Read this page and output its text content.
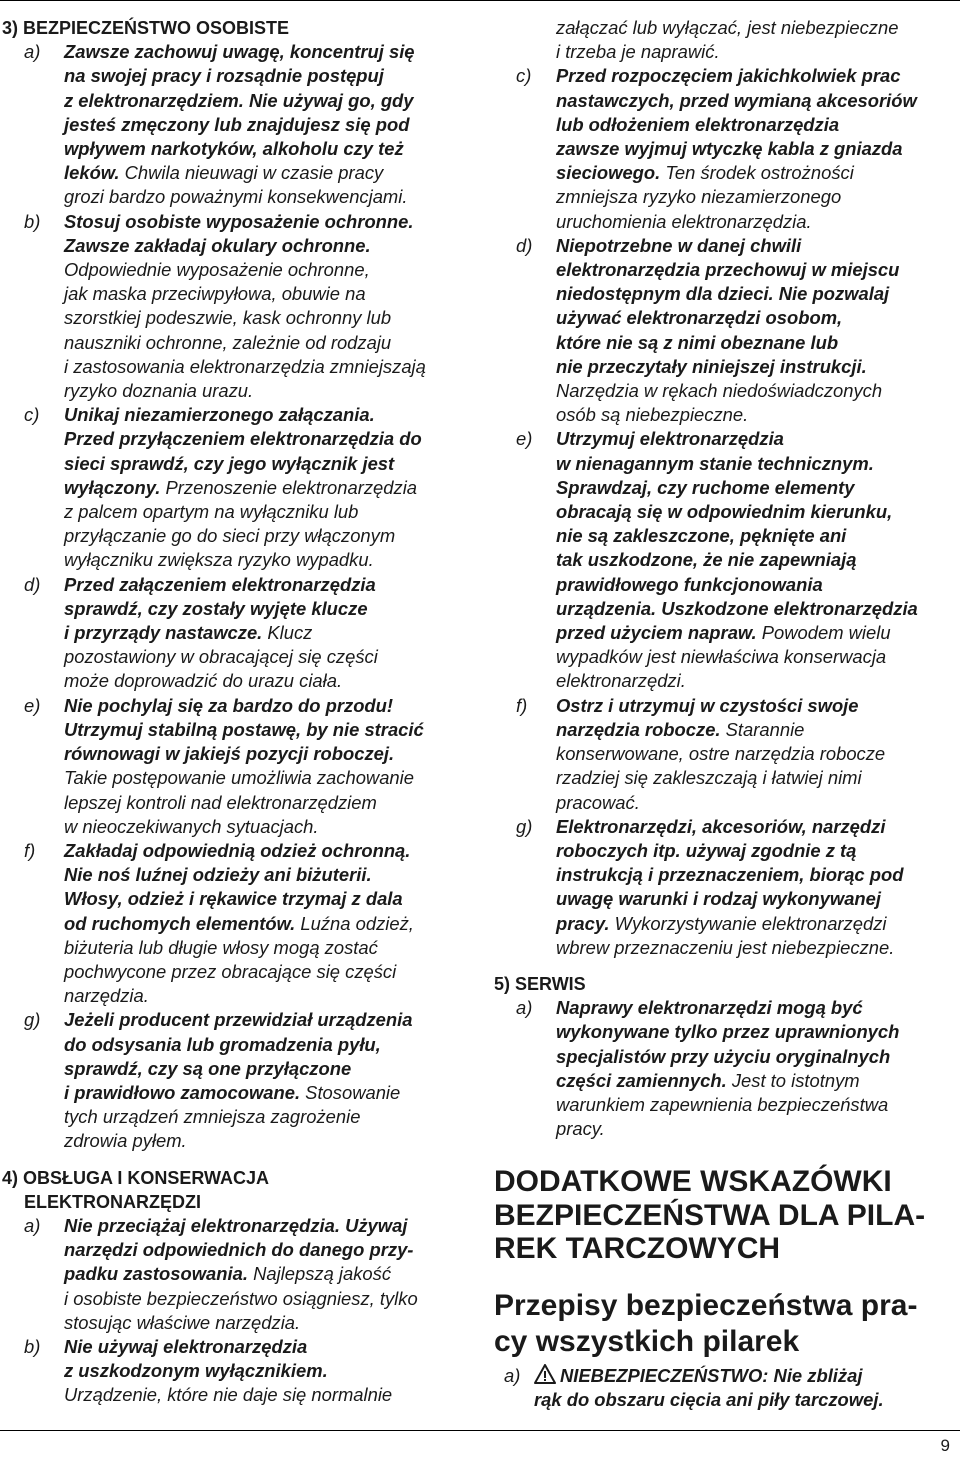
3) BEZPIECZEŃSTWO OSOBISTE

a) Zawsze zachowuj uwagę, koncentruj się
na swojej pracy i rozsądnie postępuj
z elektronarzędziem. Nie używaj go, gdy
jesteś zmęczony lub znajdujesz się pod
wpływem narkotyków, alkoholu czy też
leków. Chwila nieuwagi w czasie pracy
grozi bardzo poważnymi konsekwencjami.
b) Stosuj osobiste wyposażenie ochronne.
Zawsze zakładaj okulary ochronne.
Odpowiednie wyposażenie ochronne,
jak maska przeciwpyłowa, obuwie na
szorstkiej podeszwie, kask ochronny lub
nauszniki ochronne, zależnie od rodzaju
i zastosowania elektronarzędzia zmniejszają
ryzyko doznania urazu.
c) Unikaj niezamierzonego załączania.
Przed przyłączeniem elektronarzędzia do
sieci sprawdź, czy jego wyłącznik jest
wyłączony. Przenoszenie elektronarzędzia
z palcem opartym na wyłączniku lub
przyłączanie go do sieci przy włączonym
wyłączniku zwiększa ryzyko wypadku.
d) Przed załączeniem elektronarzędzia
sprawdź, czy zostały wyjęte klucze
i przyrządy nastawcze. Klucz
pozostawiony w obracającej się części
może doprowadzić do urazu ciała.
e) Nie pochylaj się za bardzo do przodu!
Utrzymuj stabilną postawę, by nie stracić
równowagi w jakiejś pozycji roboczej.
Takie postępowanie umożliwia zachowanie
lepszej kontroli nad elektronarzędziem
w nieoczekiwanych sytuacjach.
f) Zakładaj odpowiednią odzież ochronną.
Nie noś luźnej odzieży ani biżuterii.
Włosy, odzież i rękawice trzymaj z dala
od ruchomych elementów. Luźna odzież,
biżuteria lub długie włosy mogą zostać
pochwycone przez obracające się części
narzędzia.
g) Jeżeli producent przewidział urządzenia
do odsysania lub gromadzenia pyłu,
sprawdź, czy są one przyłączone
i prawidłowo zamocowane. Stosowanie
tych urządzeń zmniejsza zagrożenie
zdrowia pyłem.

4) OBSŁUGA I KONSERWACJA
ELEKTRONARZĘDZI

a) Nie przeciążaj elektronarzędzia. Używaj
narzędzi odpowiednich do danego przy-
padku zastosowania. Najlepszą jakość
i osobiste bezpieczeństwo osiągniesz, tylko
stosując właściwe narzędzia.
b) Nie używaj elektronarzędzia
z uszkodzonym wyłącznikiem.
Urządzenie, które nie daje się normalnie
załączać lub wyłączać, jest niebezpieczne
i trzeba je naprawić.
c) Przed rozpoczęciem jakichkolwiek prac
nastawczych, przed wymianą akcesoriów
lub odłożeniem elektronarzędzia
zawsze wyjmuj wtyczkę kabla z gniazda
sieciowego. Ten środek ostrożności
zmniejsza ryzyko niezamierzonego
uruchomienia elektronarzędzia.
d) Niepotrzebne w danej chwili
elektronarzędzia przechowuj w miejscu
niedostępnym dla dzieci. Nie pozwalaj
używać elektronarzędzi osobom,
które nie są z nimi obeznane lub
nie przeczytały niniejszej instrukcji.
Narzędzia w rękach niedoświadczonych
osób są niebezpieczne.
e) Utrzymuj elektronarzędzia
w nienagannym stanie technicznym.
Sprawdzaj, czy ruchome elementy
obracają się w odpowiednim kierunku,
nie są zakleszczone, pęknięte ani
tak uszkodzone, że nie zapewniają
prawidłowego funkcjonowania
urządzenia. Uszkodzone elektronarzędzia
przed użyciem napraw. Powodem wielu
wypadków jest niewłaściwa konserwacja
elektronarzędzi.
f) Ostrz i utrzymuj w czystości swoje
narzędzia robocze. Starannie
konserwowane, ostre narzędzia robocze
rzadziej się zakleszczają i łatwiej nimi
pracować.
g) Elektronarzędzi, akcesoriów, narzędzi
roboczych itp. używaj zgodnie z tą
instrukcją i przeznaczeniem, biorąc pod
uwagę warunki i rodzaj wykonywanej
pracy. Wykorzystywanie elektronarzędzi
wbrew przeznaczeniu jest niebezpieczne.

5) SERWIS

a) Naprawy elektronarzędzi mogą być
wykonywane tylko przez uprawnionych
specjalistów przy użyciu oryginalnych
części zamiennych. Jest to istotnym
warunkiem zapewnienia bezpieczeństwa
pracy.

DODATKOWE WSKAZÓWKI
BEZPIECZEŃSTWA DLA PILA-
REK TARCZOWYCH

Przepisy bezpieczeństwa pra-
cy wszystkich pilarek

a)	NIEBEZPIECZEŃSTWO: Nie zbliżaj
rąk do obszaru cięcia ani piły tarczowej.
9
